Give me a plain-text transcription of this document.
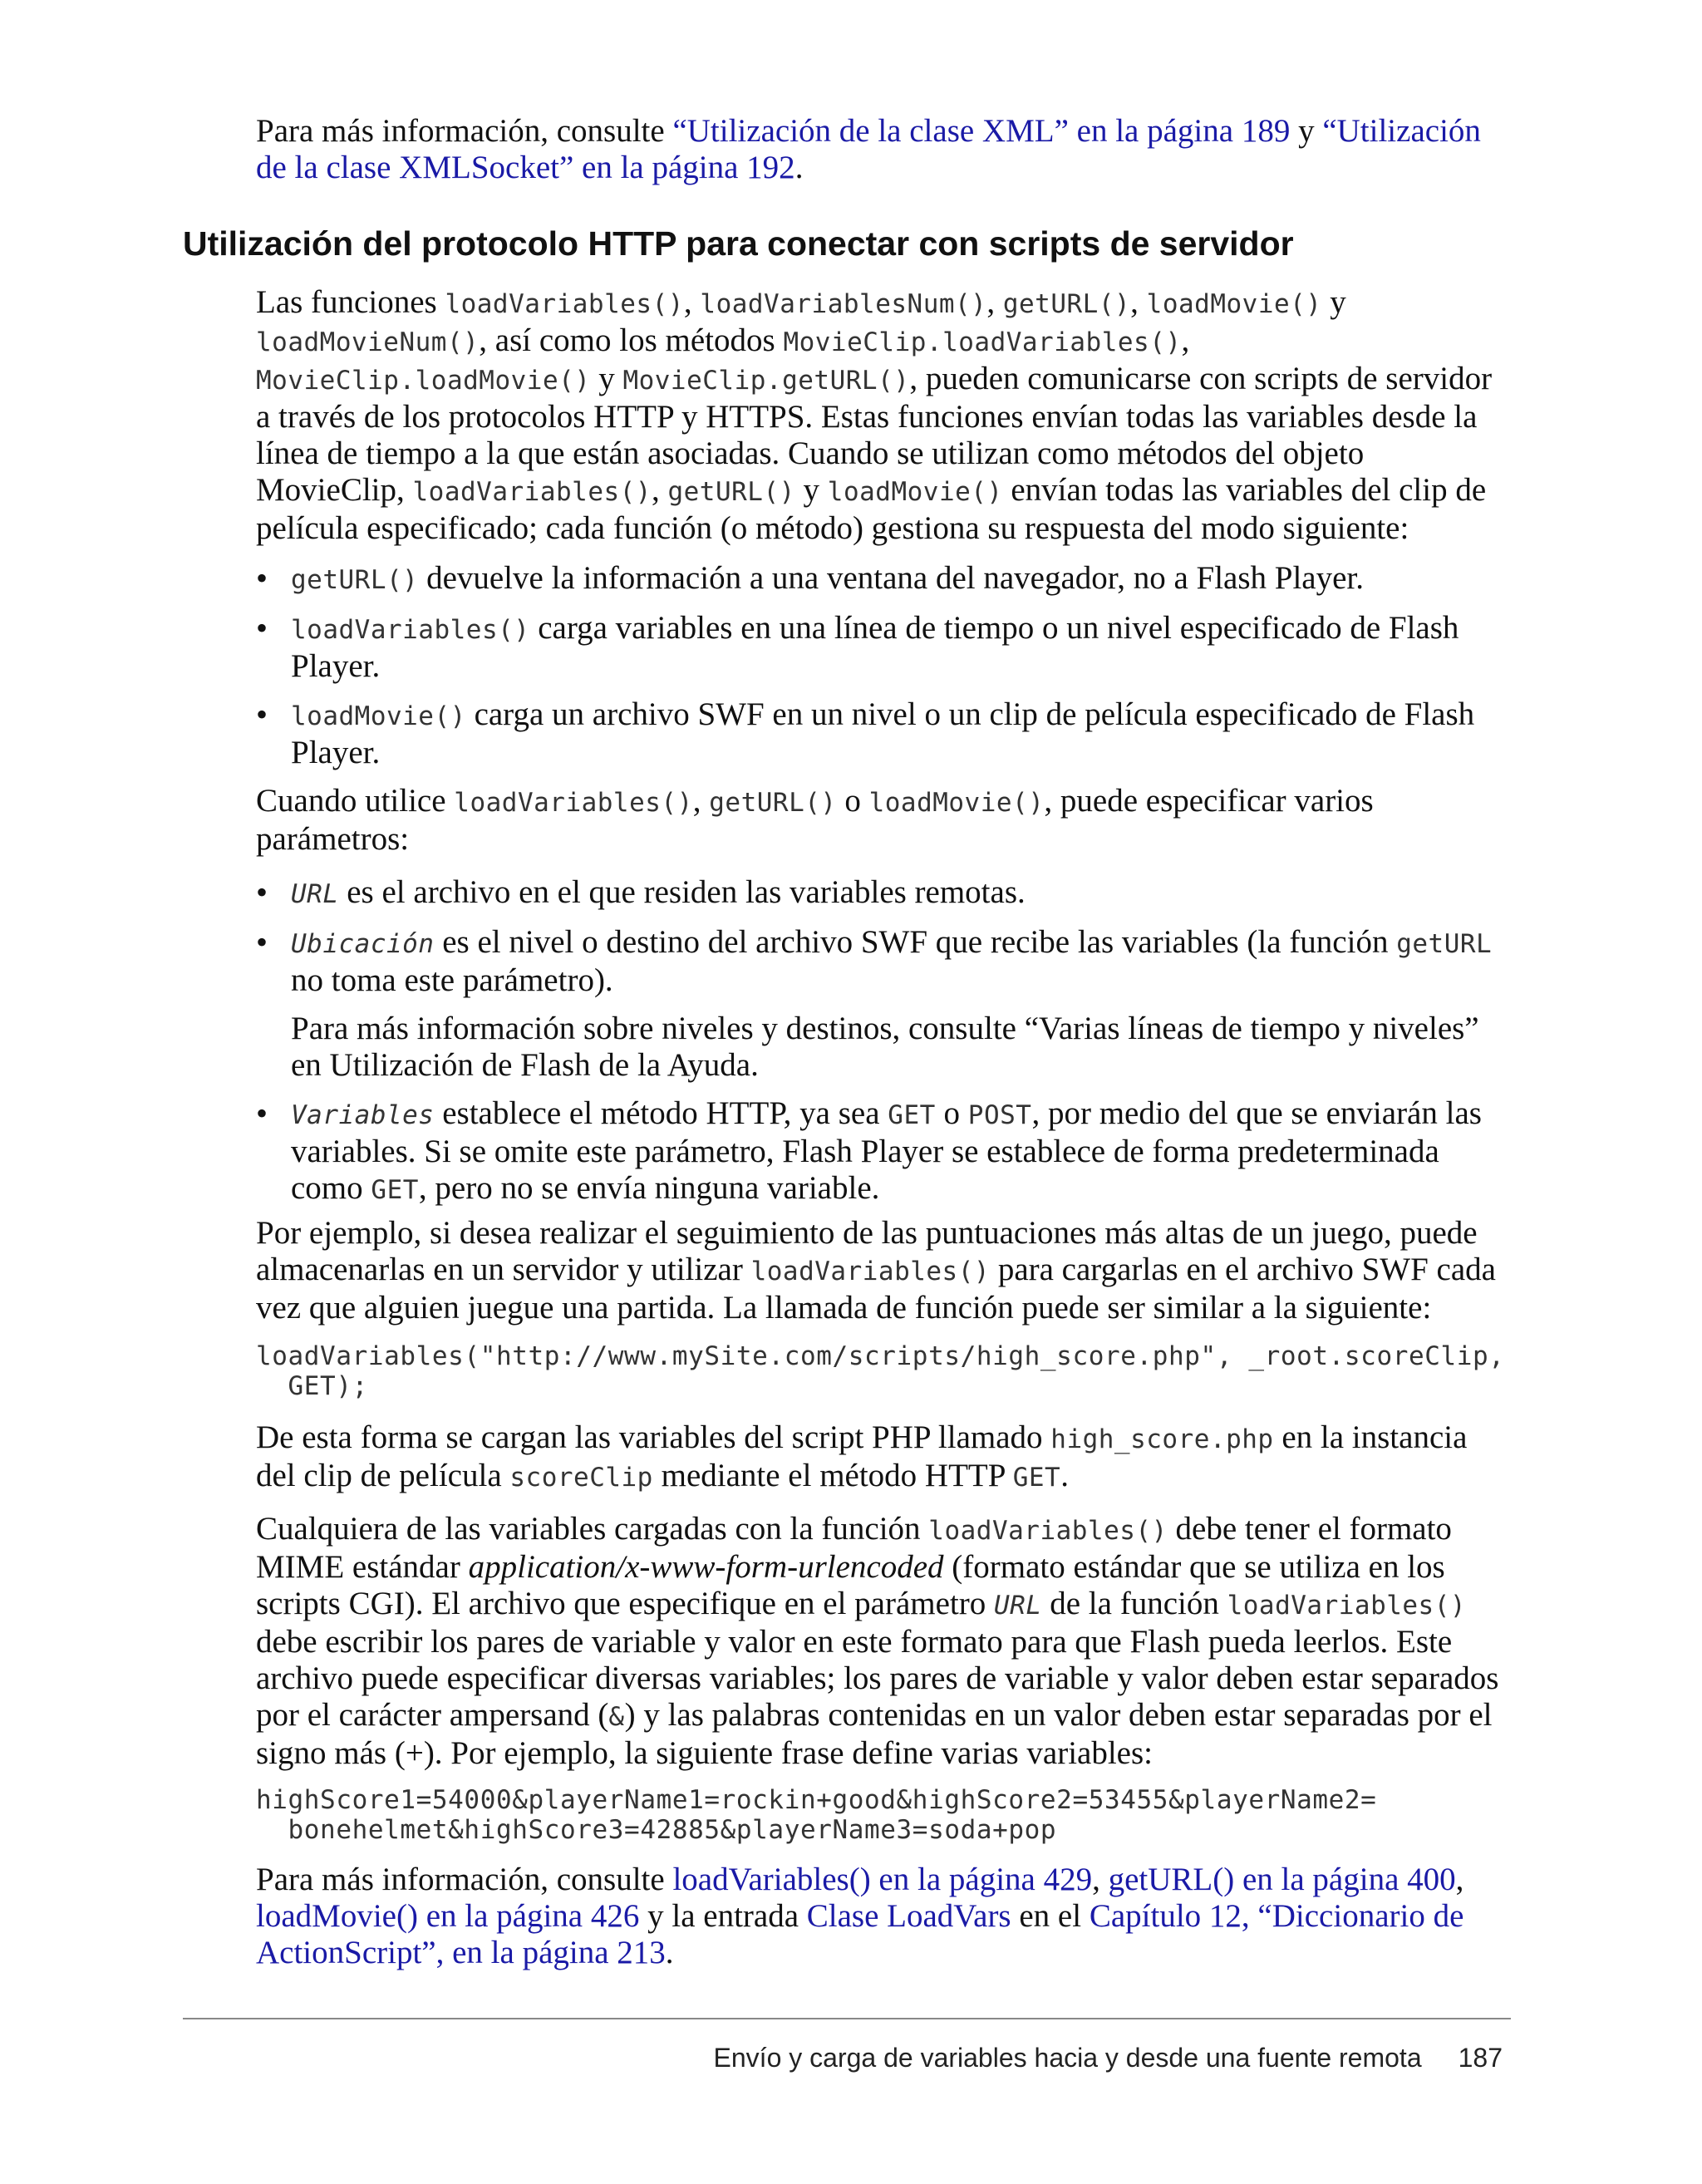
Para más información, consulte “Utilización de la clase XML” en la página 189 y “Utilización de la clase XMLSocket” en la página 192.

Utilización del protocolo HTTP para conectar con scripts de servidor

Las funciones loadVariables(), loadVariablesNum(), getURL(), loadMovie() y loadMovieNum(), así como los métodos MovieClip.loadVariables(), MovieClip.loadMovie() y MovieClip.getURL(), pueden comunicarse con scripts de servidor a través de los protocolos HTTP y HTTPS. Estas funciones envían todas las variables desde la línea de tiempo a la que están asociadas. Cuando se utilizan como métodos del objeto MovieClip, loadVariables(), getURL() y loadMovie() envían todas las variables del clip de película especificado; cada función (o método) gestiona su respuesta del modo siguiente:

• getURL() devuelve la información a una ventana del navegador, no a Flash Player.
• loadVariables() carga variables en una línea de tiempo o un nivel especificado de Flash Player.
• loadMovie() carga un archivo SWF en un nivel o un clip de película especificado de Flash Player.

Cuando utilice loadVariables(), getURL() o loadMovie(), puede especificar varios parámetros:

• URL es el archivo en el que residen las variables remotas.
• Ubicación es el nivel o destino del archivo SWF que recibe las variables (la función getURL no toma este parámetro).

Para más información sobre niveles y destinos, consulte “Varias líneas de tiempo y niveles” en Utilización de Flash de la Ayuda.

• Variables establece el método HTTP, ya sea GET o POST, por medio del que se enviarán las variables. Si se omite este parámetro, Flash Player se establece de forma predeterminada como GET, pero no se envía ninguna variable.

Por ejemplo, si desea realizar el seguimiento de las puntuaciones más altas de un juego, puede almacenarlas en un servidor y utilizar loadVariables() para cargarlas en el archivo SWF cada vez que alguien juegue una partida. La llamada de función puede ser similar a la siguiente:

loadVariables("http://www.mySite.com/scripts/high_score.php", _root.scoreClip,
GET);

De esta forma se cargan las variables del script PHP llamado high_score.php en la instancia del clip de película scoreClip mediante el método HTTP GET.

Cualquiera de las variables cargadas con la función loadVariables() debe tener el formato MIME estándar application/x-www-form-urlencoded (formato estándar que se utiliza en los scripts CGI). El archivo que especifique en el parámetro URL de la función loadVariables() debe escribir los pares de variable y valor en este formato para que Flash pueda leerlos. Este archivo puede especificar diversas variables; los pares de variable y valor deben estar separados por el carácter ampersand (&) y las palabras contenidas en un valor deben estar separadas por el signo más (+). Por ejemplo, la siguiente frase define varias variables:

highScore1=54000&playerName1=rockin+good&highScore2=53455&playerName2=
bonehelmet&highScore3=42885&playerName3=soda+pop

Para más información, consulte loadVariables() en la página 429, getURL() en la página 400, loadMovie() en la página 426 y la entrada Clase LoadVars en el Capítulo 12, “Diccionario de ActionScript”, en la página 213.

Envío y carga de variables hacia y desde una fuente remota 187
